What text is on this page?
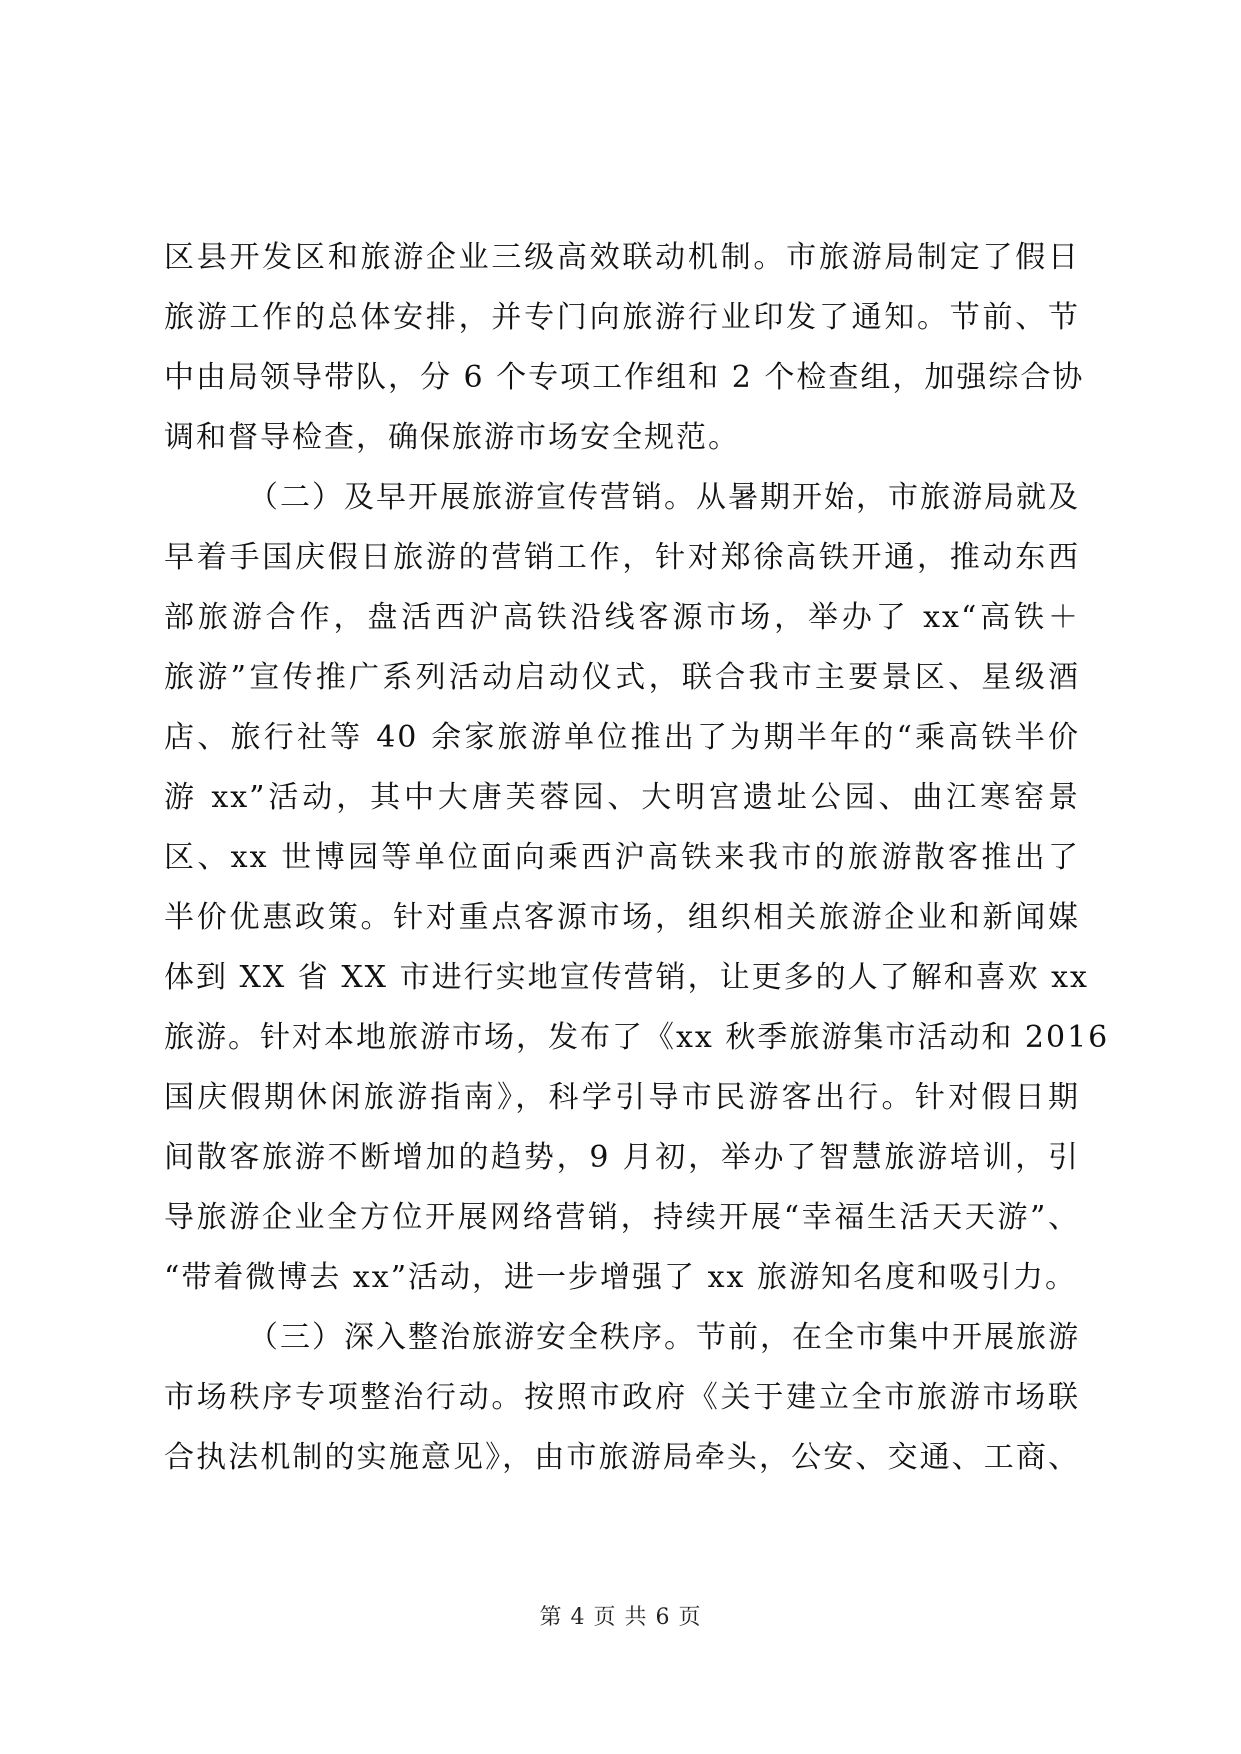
区县开发区和旅游企业三级高效联动机制。市旅游局制定了假日
旅游工作的总体安排，并专门向旅游行业印发了通知。节前、节
中由局领导带队，分 6 个专项工作组和 2 个检查组，加强综合协
调和督导检查，确保旅游市场安全规范。
（二）及早开展旅游宣传营销。从暑期开始，市旅游局就及
早着手国庆假日旅游的营销工作，针对郑徐高铁开通，推动东西
部旅游合作，盘活西沪高铁沿线客源市场，举办了 xx“高铁＋
旅游”宣传推广系列活动启动仪式，联合我市主要景区、星级酒
店、旅行社等 40 余家旅游单位推出了为期半年的“乘高铁半价
游 xx”活动，其中大唐芙蓉园、大明宫遗址公园、曲江寒窑景
区、xx 世博园等单位面向乘西沪高铁来我市的旅游散客推出了
半价优惠政策。针对重点客源市场，组织相关旅游企业和新闻媒
体到 XX 省 XX 市进行实地宣传营销，让更多的人了解和喜欢 xx
旅游。针对本地旅游市场，发布了《xx 秋季旅游集市活动和 2016
国庆假期休闲旅游指南》，科学引导市民游客出行。针对假日期
间散客旅游不断增加的趋势，9 月初，举办了智慧旅游培训，引
导旅游企业全方位开展网络营销，持续开展“幸福生活天天游”、
“带着微博去 xx”活动，进一步增强了 xx 旅游知名度和吸引力。
（三）深入整治旅游安全秩序。节前，在全市集中开展旅游
市场秩序专项整治行动。按照市政府《关于建立全市旅游市场联
合执法机制的实施意见》，由市旅游局牵头，公安、交通、工商、
第 4 页 共 6 页
